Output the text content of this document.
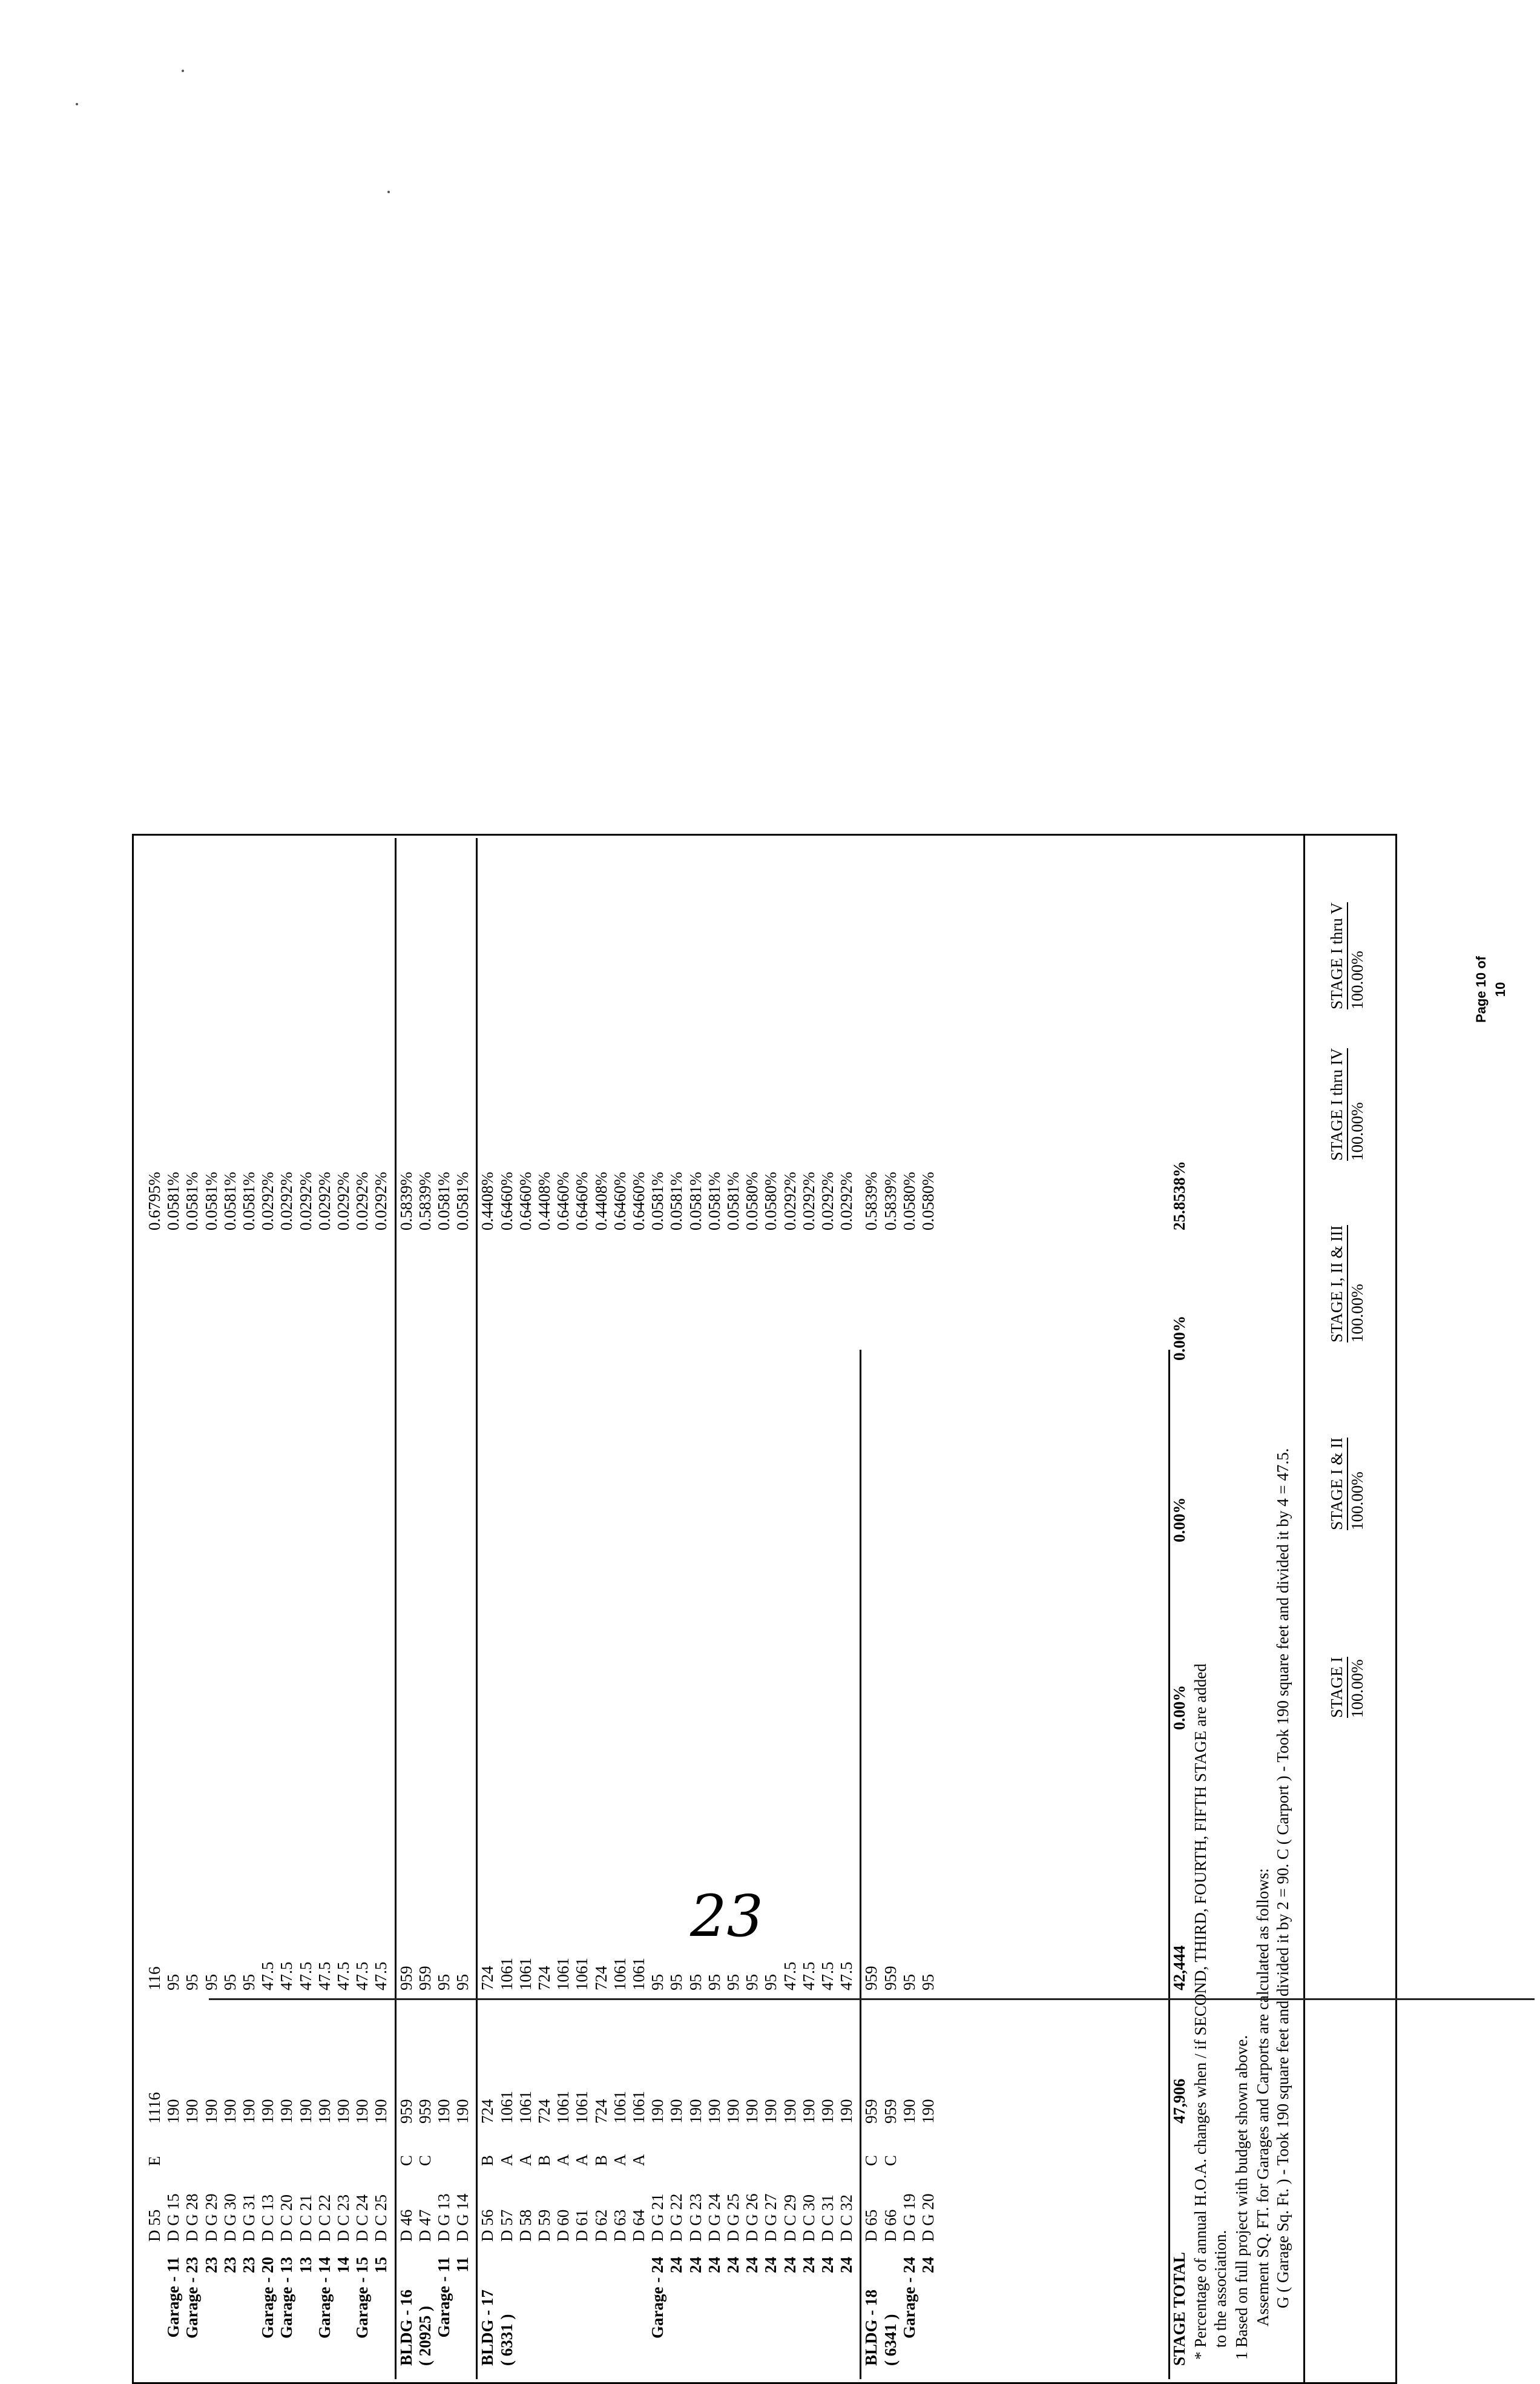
D 55
E
1116
116
0.6795%
Garage - 11
D G 15
190
95
0.0581%
Garage - 23
D G 28
190
95
0.0581%
23
D G 29
190
95
0.0581%
23
D G 30
190
95
0.0581%
23
D G 31
190
95
0.0581%
Garage - 20
D C 13
190
47.5
0.0292%
Garage - 13
D C 20
190
47.5
0.0292%
13
D C 21
190
47.5
0.0292%
Garage - 14
D C 22
190
47.5
0.0292%
14
D C 23
190
47.5
0.0292%
Garage - 15
D C 24
190
47.5
0.0292%
15
D C 25
190
47.5
0.0292%
BLDG - 16
D 46
C
959
959
0.5839%
( 20925 )
D 47
C
959
959
0.5839%
Garage - 11
D G 13
190
95
0.0581%
11
D G 14
190
95
0.0581%
BLDG - 17
D 56
B
724
724
0.4408%
( 6331 )
D 57
A
1061
1061
0.6460%
D 58
A
1061
1061
0.6460%
D 59
B
724
724
0.4408%
D 60
A
1061
1061
0.6460%
D 61
A
1061
1061
0.6460%
D 62
B
724
724
0.4408%
D 63
A
1061
1061
0.6460%
D 64
A
1061
1061
0.6460%
Garage - 24
D G 21
190
95
0.0581%
24
D G 22
190
95
0.0581%
24
D G 23
190
95
0.0581%
24
D G 24
190
95
0.0581%
24
D G 25
190
95
0.0581%
24
D G 26
190
95
0.0580%
24
D G 27
190
95
0.0580%
24
D C 29
190
47.5
0.0292%
24
D C 30
190
47.5
0.0292%
24
D C 31
190
47.5
0.0292%
24
D C 32
190
47.5
0.0292%
BLDG - 18
D 65
C
959
959
0.5839%
( 6341 )
D 66
C
959
959
0.5839%
Garage - 24
D G 19
190
95
0.0580%
24
D G 20
190
95
0.0580%
STAGE TOTAL
47,906
42,444
0.00%
0.00%
0.00%
25.8538%
* Percentage of annual H.O.A. changes when / if SECOND, THIRD, FOURTH, FIFTH STAGE are added to the association. 1 Based on full project with budget shown above. Assement SQ. FT. for Garages and Carports are calculated as follows: G ( Garage Sq. Ft. ) - Took 190 square feet and divided it by 2 = 90. C ( Carport ) - Took 190 square feet and divided it by 4 = 47.5. STAGE I 100.00%
STAGE I & II 100.00%
STAGE I, II & III 100.00%
STAGE I thru IV 100.00%
STAGE I thru V 100.00%	Page 10 of 10
23
